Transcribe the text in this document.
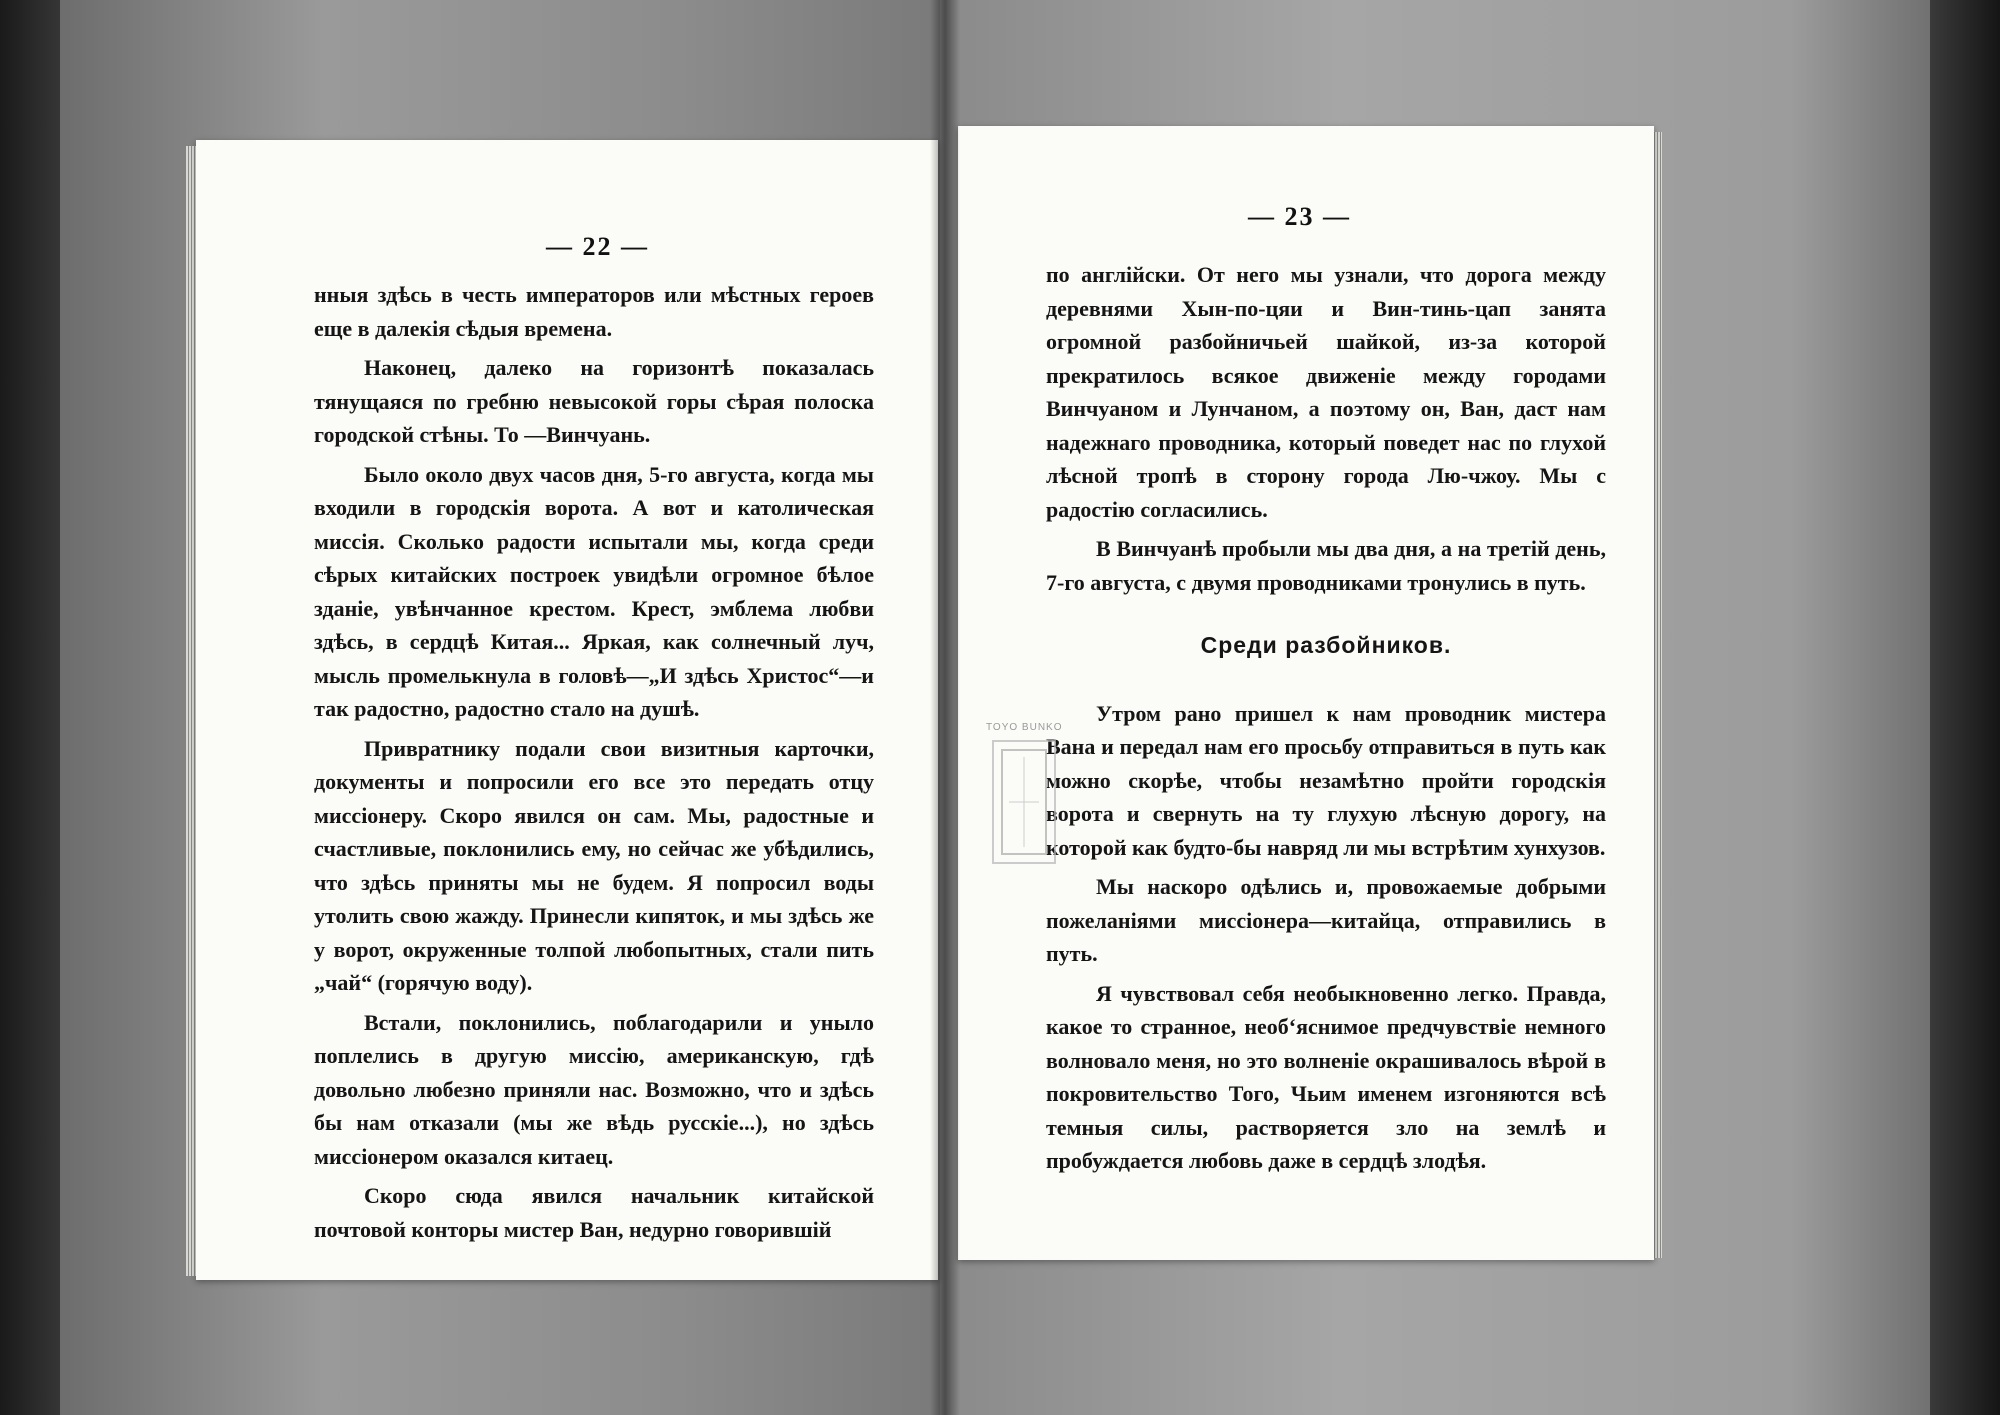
— 22 —

нныя здѣсь в честь императоров или мѣстных героев еще в далекія сѣдыя времена.

Наконец, далеко на горизонтѣ показалась тянущаяся по гребню невысокой горы сѣрая полоска городской стѣны. То —Винчуань.

Было около двух часов дня, 5-го августа, когда мы входили в городскія ворота. А вот и католическая миссія. Сколько радости испытали мы, когда среди сѣрых китайских построек увидѣли огромное бѣлое зданіе, увѣнчанное крестом. Крест, эмблема любви здѣсь, в сердцѣ Китая... Яркая, как солнечный луч, мысль промелькнула в головѣ—„И здѣсь Христос“—и так радостно, радостно стало на душѣ.

Привратнику подали свои визитныя карточки, документы и попросили его все это передать отцу миссіонеру. Скоро явился он сам. Мы, радостные и счастливые, поклонились ему, но сейчас же убѣдились, что здѣсь приняты мы не будем. Я попросил воды утолить свою жажду. Принесли кипяток, и мы здѣсь же у ворот, окруженные толпой любопытных, стали пить „чай“ (горячую воду).

Встали, поклонились, поблагодарили и уныло поплелись в другую миссію, американскую, гдѣ довольно любезно приняли нас. Возможно, что и здѣсь бы нам отказали (мы же вѣдь русскіе...), но здѣсь миссіонером оказался китаец.

Скоро сюда явился начальник китайской почтовой конторы мистер Ван, недурно говорившій

— 23 —

по англійски. От него мы узнали, что дорога между деревнями Хын-по-цяи и Вин-тинь-цап занята огромной разбойничьей шайкой, из-за которой прекратилось всякое движеніе между городами Винчуаном и Лунчаном, а поэтому он, Ван, даст нам надежнаго проводника, который поведет нас по глухой лѣсной тропѣ в сторону города Лю-чжоу. Мы с радостію согласились.

В Винчуанѣ пробыли мы два дня, а на третій день, 7-го августа, с двумя проводниками тронулись в путь.

Среди разбойников.

Утром рано пришел к нам проводник мистера Вана и передал нам его просьбу отправиться в путь как можно скорѣе, чтобы незамѣтно пройти городскія ворота и свернуть на ту глухую лѣсную дорогу, на которой как будто-бы навряд ли мы встрѣтим хунхузов.

Мы наскоро одѣлись и, провожаемые добрыми пожеланіями миссіонера—китайца, отправились в путь.

Я чувствовал себя необыкновенно легко. Правда, какое то странное, необ‘яснимое предчувствіе немного волновало меня, но это волненіе окрашивалось вѣрой в покровительство Того, Чьим именем изгоняются всѣ темныя силы, растворяется зло на землѣ и пробуждается любовь даже в сердцѣ злодѣя.

TOYO BUNKO
